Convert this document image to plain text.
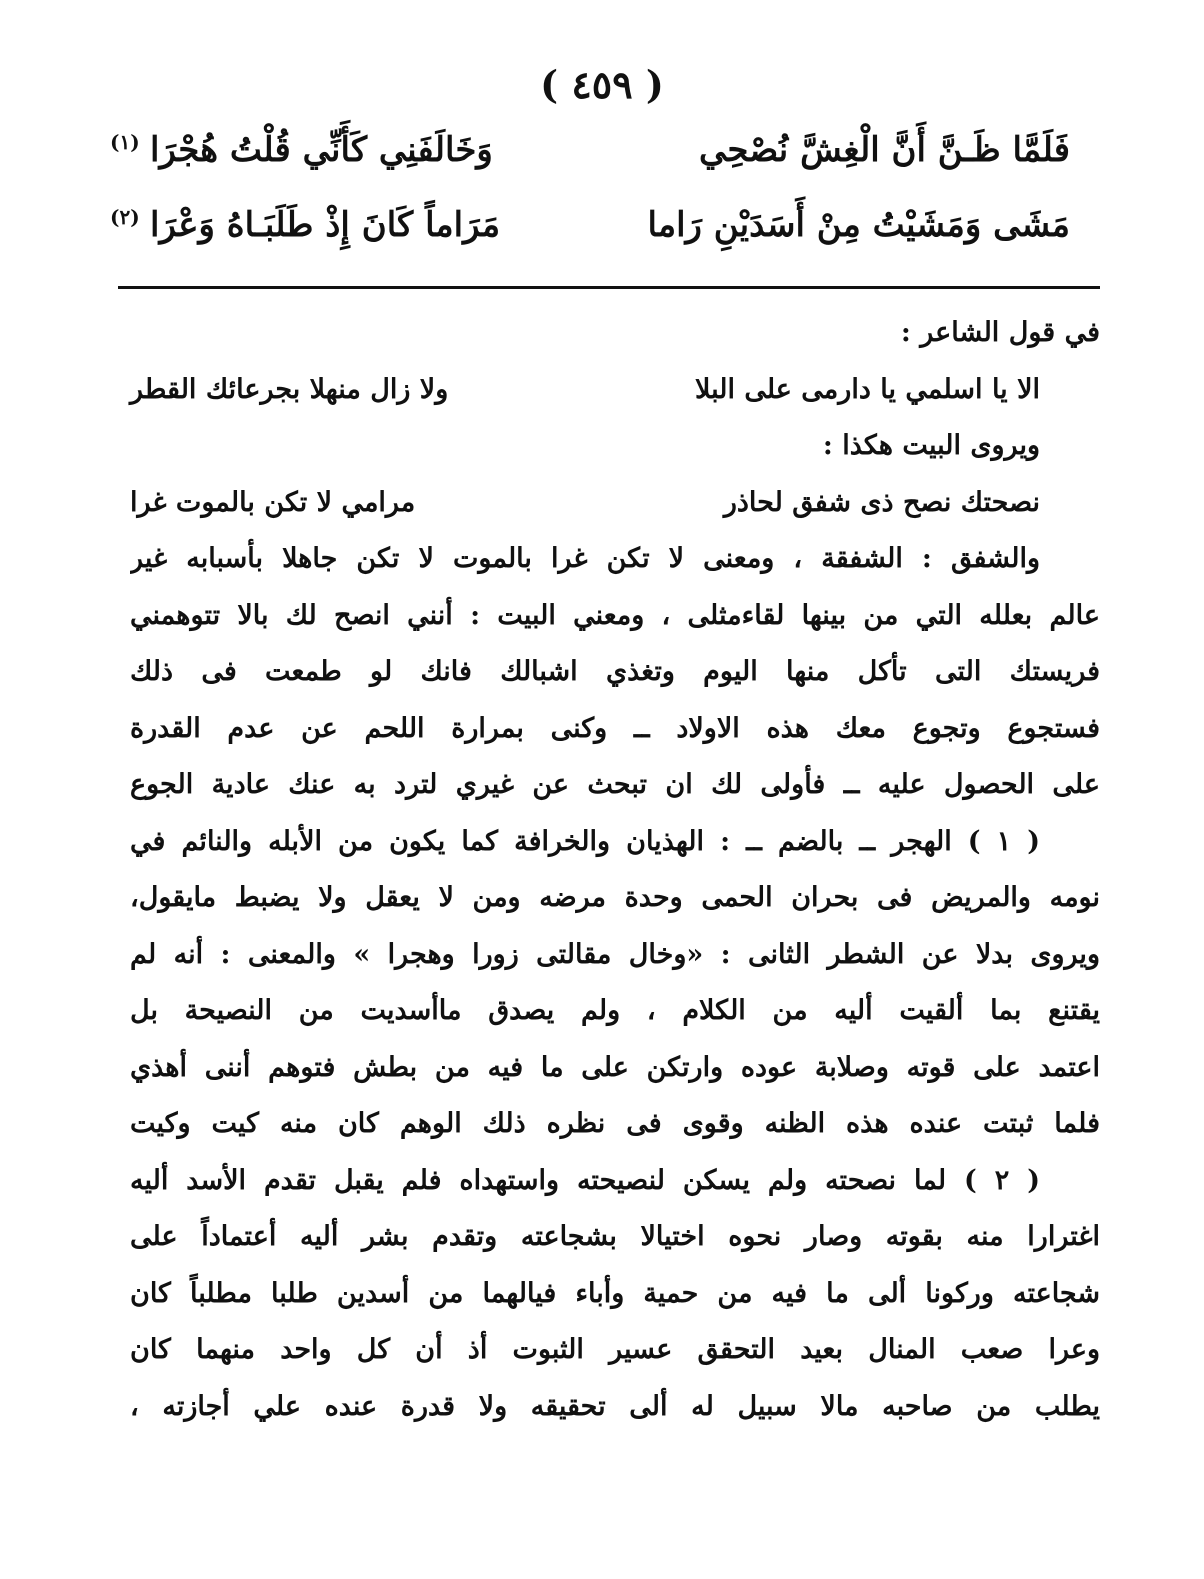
( ٤٥٩ )
فَلَمَّا ظَـنَّ أَنَّ الْغِشَّ نُصْحِي
وَخَالَفَنِي كَأَنِّي قُلْتُ هُجْرَا
(١)
مَشَى وَمَشَيْتُ مِنْ أَسَدَيْنِ رَاما
مَرَاماً كَانَ إِذْ طَلَبَـاهُ وَعْرَا
(٢)
في قول الشاعر :
الا يا اسلمي يا دارمى على البلا
ولا زال منهلا بجرعائك القطر
ويروى البيت هكذا :
نصحتك نصح ذى شفق لحاذر
مرامي لا تكن بالموت غرا
والشفق : الشفقة ، ومعنى لا تكن غرا بالموت لا تكن جاهلا بأسبابه غير
عالم بعلله التي من بينها لقاءمثلى ، ومعني البيت : أنني انصح لك بالا تتوهمني
فريستك التى تأكل منها اليوم وتغذي اشبالك فانك لو طمعت فى ذلك
فستجوع وتجوع معك هذه الاولاد ــ وكنى بمرارة اللحم عن عدم القدرة
على الحصول عليه ــ فأولى لك ان تبحث عن غيري لترد به عنك عادية الجوع
( ١ ) الهجر ــ بالضم ــ : الهذيان والخرافة كما يكون من الأبله والنائم في
نومه والمريض فى بحران الحمى وحدة مرضه ومن لا يعقل ولا يضبط مايقول،
ويروى بدلا عن الشطر الثانى : «وخال مقالتى زورا وهجرا » والمعنى : أنه لم
يقتنع بما ألقيت أليه من الكلام ، ولم يصدق ماأسديت من النصيحة بل
اعتمد على قوته وصلابة عوده وارتكن على ما فيه من بطش فتوهم أننى أهذي
فلما ثبتت عنده هذه الظنه وقوى فى نظره ذلك الوهم كان منه كيت وكيت
( ٢ ) لما نصحته ولم يسكن لنصيحته واستهداه فلم يقبل تقدم الأسد أليه
اغترارا منه بقوته وصار نحوه اختيالا بشجاعته وتقدم بشر أليه أعتماداً على
شجاعته وركونا ألى ما فيه من حمية وأباء فيالهما من أسدين طلبا مطلباً كان
وعرا صعب المنال بعيد التحقق عسير الثبوت أذ أن كل واحد منهما كان
يطلب من صاحبه مالا سبيل له ألى تحقيقه ولا قدرة عنده علي أجازته ،
